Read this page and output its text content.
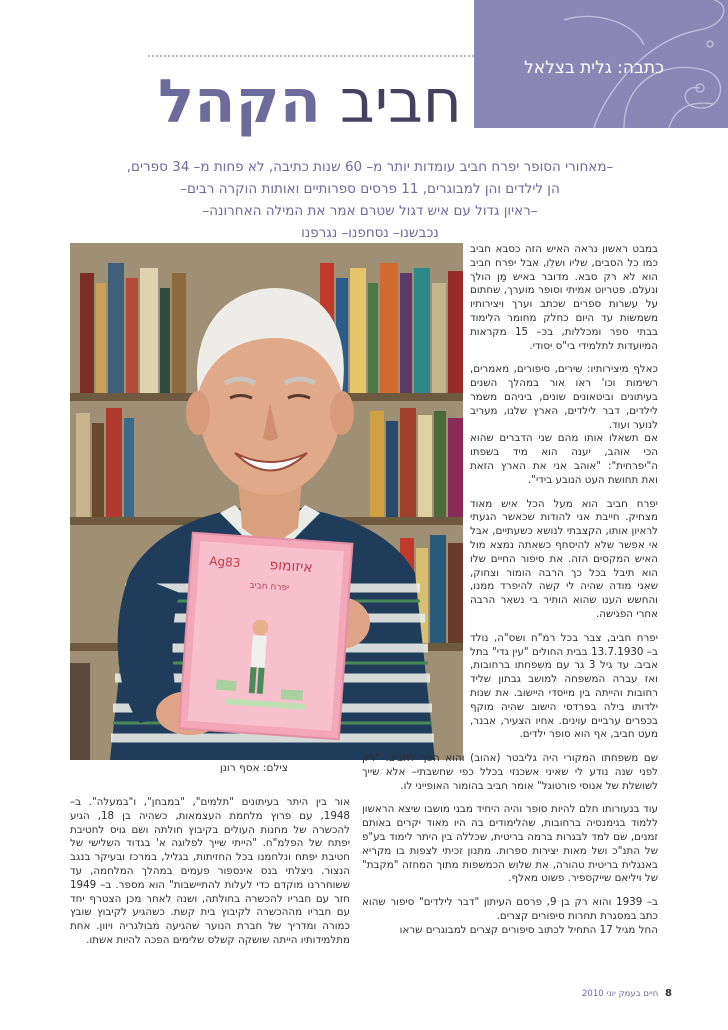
כתבה: גלית בצלאל
חביב הקהל
–מאחורי הסופר יפרח חביב עומדות יותר מ– 60 שנות כתיבה, לא פחות מ– 34 ספרים,
הן לילדים והן למבוגרים, 11 פרסים ספרותיים ואותות הוקרה רבים–
–ראיון גדול עם איש דגול שטרם אמר את המילה האחרונה–
נכבשנו– נסחפנו– נגרפנו
איזומופ
Ag83
יפרח חביב
צילם: אסף רונן

במבט ראשון נראה האיש הזה כסבא חביב כמו כל הסבים, שליו ושלֵו, אבל יפרח חביב הוא לא רק סבא. מדובר באיש מַן הולך ונעלם. פטריוט אמיתי וסופר מוערך, שחתום על עשרות ספרים שכתב וערך ויצירותיו משמשות עד היום כחלק מחומר הלימוד בבתי ספר ומכללות, בכ– 15 מקראות המיועדות לתלמידי בי"ס יסודי.

כאלף מיצירותיו: שירים, סיפורים, מאמרים, רשימות וכו' ראו אור במהלך השנים בעיתונים וביטאונים שונים, ביניהם משמר לילדים, דבר לילדים, הארץ שלנו, מעריב לנוער ועוד.

אם תשאלו אותו מהם שני הדברים שהוא הכי אוהב, יענה הוא מיד בשפתו ה"יפרחית": "אוהב אני את הארץ הזאת ואת תחושת העט הנובע בידי".

יפרח חביב הוא מעל הכל איש מאוד מצחיק. חייבת אני להודות שכאשר הגעתי לראיון אותו, הקצבתי לנושא כשעתיים, אבל אי אפשר שלא להיסחף כשאתה נמצא מול האיש המקסים הזה. את סיפור החיים שלו הוא תיבל בכל כך הרבה הומור וצחוק, שאני מודה שהיה לי קשה להיפרד ממנו, והחשש הענו שהוא הותיר בי נשאר הרבה אחרי הפגישה.

יפרח חביב, צבר בכל רמ"ח ושס"ה, נולד ב– 13.7.1930 בבית החולים "עין גדי" בתל אביב. עד גיל 3 גר עם משפחתו ברחובות, ואז עברה המשפחה למושב גבתון שליד רחובות והייתה בין מייסדי היישוב. את שנות ילדותו בילה בפרדסי הישוב שהיה מוקף בכפרים ערביים עוינים. אחיו הצעיר, אבנר, מעט חביב, אף הוא סופר ילדים.

שם משפחתו המקורי היה גליבטר (אהוב) והוא הפך לחביב. "רק לפני שנה נודע לי שאיני אשכנזי בכלל כפי שחשבתי– אלא שייך לשושלת של אנוסי פורטוגל" אומר חביב בהומור האופייני לו.

עוד בנעורותו חלם להיות סופר והיה היחיד מבני מושבו שיצא הראשון ללמוד בגימנסיה ברחובות, שהלימודים בה היו מאוד יקרים באותם זמנים, שם למד לבגרות ברמה בריטית, שכללה בין היתר לימוד בע"פ של התנ"כ ושל מאות יצירות ספרות. מתנון זכיתי לצפות בו מקריא באנגלית בריטית טהורה, את שלוש הכמשפות מתוך המחזה "מקבת" של ויליאם שייקספיר. פשוט מאלף.

ב– 1939 והוא רק בן 9, פרסם העיתון "דבר לילדים" סיפור שהוא כתב במסגרת תחרות סיפורים קצרים.

החל מגיל 17 התחיל לכתוב סיפורים קצרים למבוגרים שראו

אור בין היתר בעיתונים "תלמים", "במבחן", ו"במעלה". ב– 1948, עם פרוץ מלחמת העצמאות, כשהיה בן 18, הגיע להכשרה של מחנות העולים בקיבוץ חולתה ושם גויס לחטיבת יפתח של הפלמ"ח. "הייתי שייך לפלוגה א' בגדוד השלישי של חטיבת יפתח ונלחמנו בכל החזיתות, בגליל, במרכז ובעיקר בנגב הנצור. ניצלתי בנס אינספור פעמים במהלך המלחמה, עד ששוחררנו מוקדם כדי לעלות להתיישבות" הוא מספר. ב– 1949 חזר עם חבריו להכשרה בחולתה, ושנה לאחר מכן הצטרף יחד עם חבריו מההכשרה לקיבוץ בית קשת. כשהגיע לקיבוץ שובץ כמורה ומדריך של חברת הנוער שהגיעה מבולגריה ויוון. אחת מתלמידותיו הייתה שושקה קשלס שלימים הפכה להיות אשתו.

8 חיים בעמק יוני 2010
